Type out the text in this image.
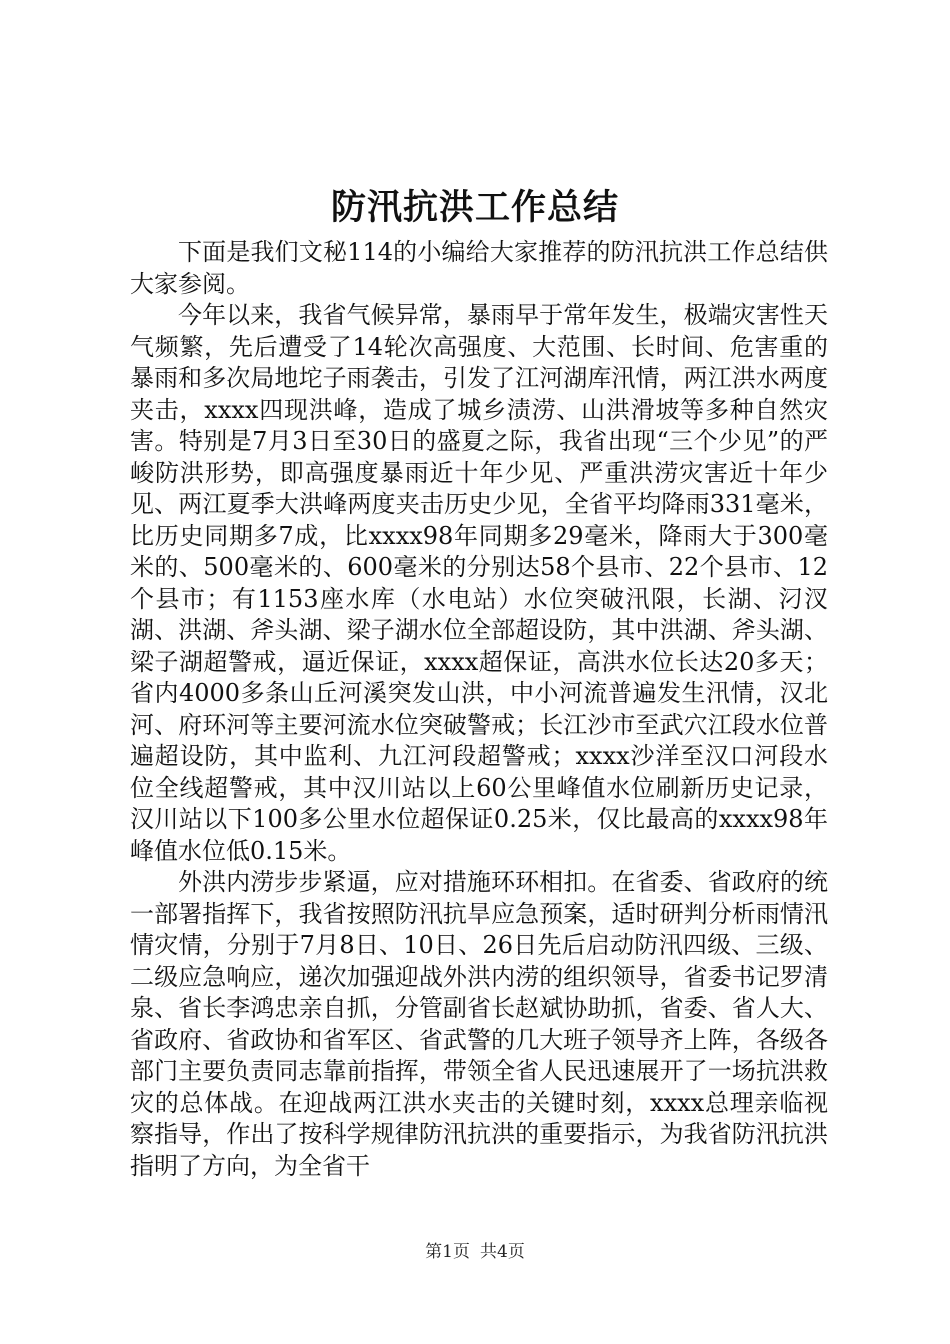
防汛抗洪工作总结

下面是我们文秘114的小编给大家推荐的防汛抗洪工作总结供大家参阅。

今年以来，我省气候异常，暴雨早于常年发生，极端灾害性天气频繁，先后遭受了14轮次高强度、大范围、长时间、危害重的暴雨和多次局地坨子雨袭击，引发了江河湖库汛情，两江洪水两度夹击，xxxx四现洪峰，造成了城乡渍涝、山洪滑坡等多种自然灾害。特别是7月3日至30日的盛夏之际，我省出现“三个少见”的严峻防洪形势，即高强度暴雨近十年少见、严重洪涝灾害近十年少见、两江夏季大洪峰两度夹击历史少见，全省平均降雨331毫米，比历史同期多7成，比xxxx98年同期多29毫米，降雨大于300毫米的、500毫米的、600毫米的分别达58个县市、22个县市、12个县市；有1153座水库（水电站）水位突破汛限，长湖、汈汊湖、洪湖、斧头湖、梁子湖水位全部超设防，其中洪湖、斧头湖、梁子湖超警戒，逼近保证，xxxx超保证，高洪水位长达20多天；省内4000多条山丘河溪突发山洪，中小河流普遍发生汛情，汉北河、府环河等主要河流水位突破警戒；长江沙市至武穴江段水位普遍超设防，其中监利、九江河段超警戒；xxxx沙洋至汉口河段水位全线超警戒，其中汉川站以上60公里峰值水位刷新历史记录，汉川站以下100多公里水位超保证0.25米，仅比最高的xxxx98年峰值水位低0.15米。

外洪内涝步步紧逼，应对措施环环相扣。在省委、省政府的统一部署指挥下，我省按照防汛抗旱应急预案，适时研判分析雨情汛情灾情，分别于7月8日、10日、26日先后启动防汛四级、三级、二级应急响应，递次加强迎战外洪内涝的组织领导，省委书记罗清泉、省长李鸿忠亲自抓，分管副省长赵斌协助抓，省委、省人大、省政府、省政协和省军区、省武警的几大班子领导齐上阵，各级各部门主要负责同志靠前指挥，带领全省人民迅速展开了一场抗洪救灾的总体战。在迎战两江洪水夹击的关键时刻，xxxx总理亲临视察指导，作出了按科学规律防汛抗洪的重要指示，为我省防汛抗洪指明了方向，为全省干

第1页 共4页
